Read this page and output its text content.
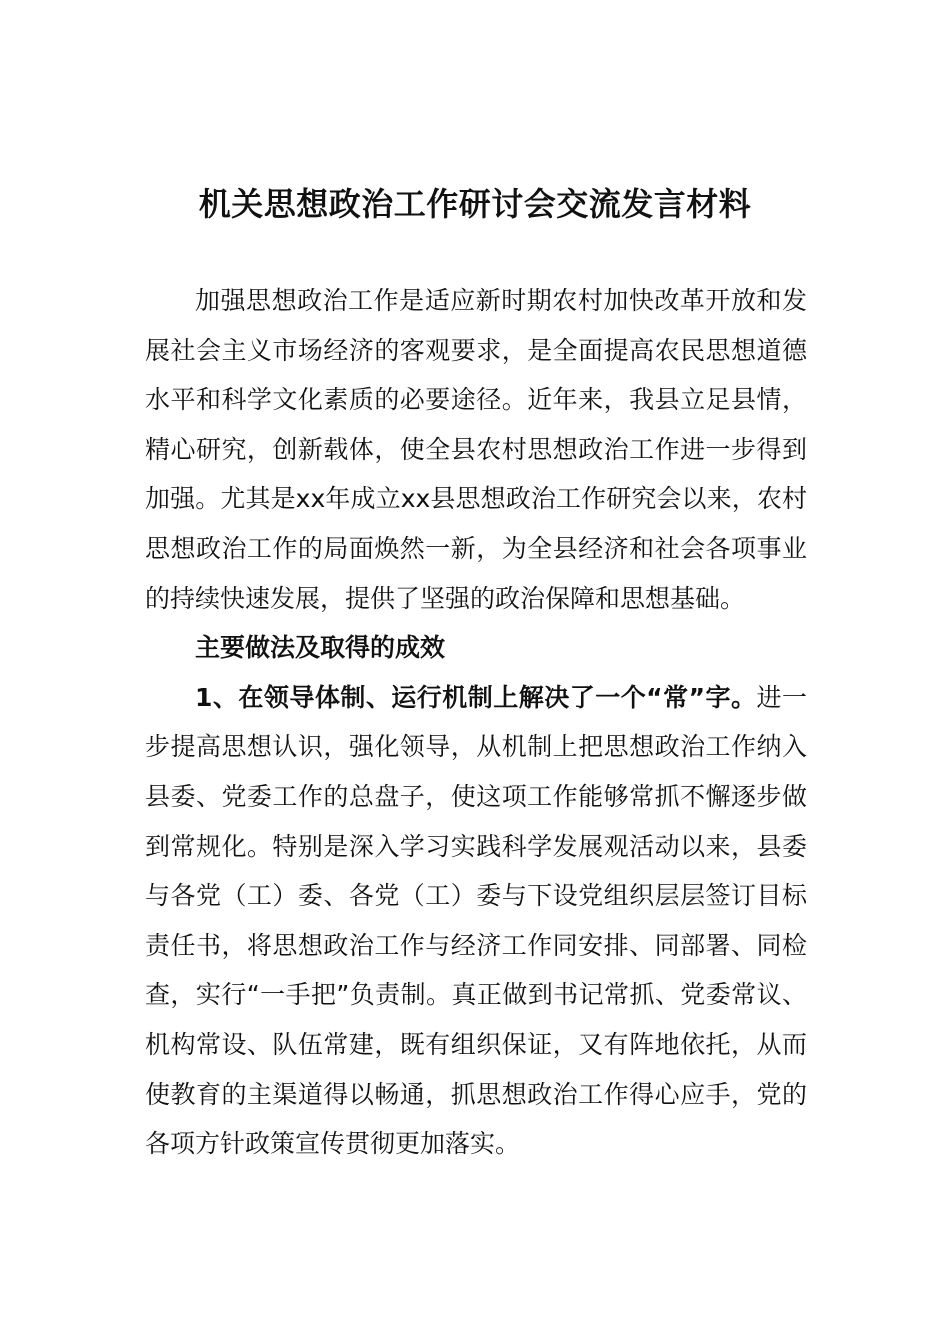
机关思想政治工作研讨会交流发言材料

加强思想政治工作是适应新时期农村加快改革开放和发展社会主义市场经济的客观要求，是全面提高农民思想道德水平和科学文化素质的必要途径。近年来，我县立足县情，精心研究，创新载体，使全县农村思想政治工作进一步得到加强。尤其是xx年成立xx县思想政治工作研究会以来，农村思想政治工作的局面焕然一新，为全县经济和社会各项事业的持续快速发展，提供了坚强的政治保障和思想基础。

主要做法及取得的成效

1、在领导体制、运行机制上解决了一个“常”字。进一步提高思想认识，强化领导，从机制上把思想政治工作纳入县委、党委工作的总盘子，使这项工作能够常抓不懈逐步做到常规化。特别是深入学习实践科学发展观活动以来，县委与各党（工）委、各党（工）委与下设党组织层层签订目标责任书，将思想政治工作与经济工作同安排、同部署、同检查，实行“一手把”负责制。真正做到书记常抓、党委常议、机构常设、队伍常建，既有组织保证，又有阵地依托，从而使教育的主渠道得以畅通，抓思想政治工作得心应手，党的各项方针政策宣传贯彻更加落实。
